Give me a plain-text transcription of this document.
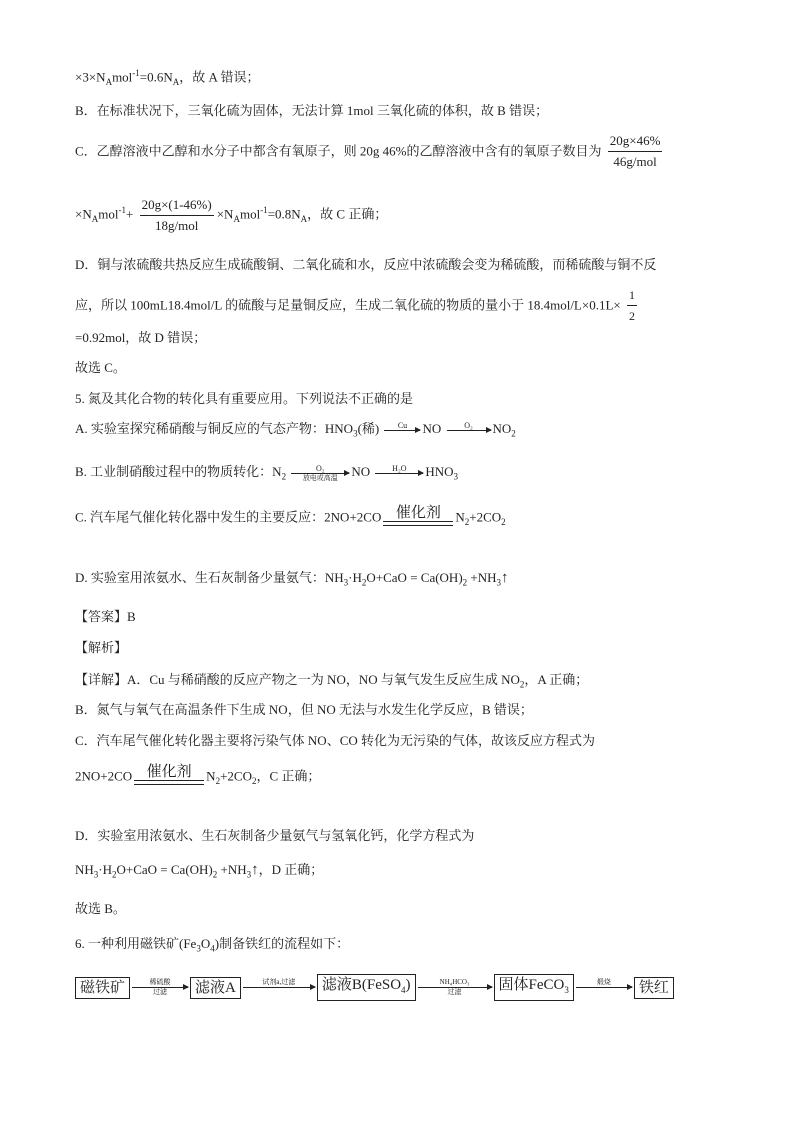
$\times 3\times N_Amol^{-1}=0.6N_A$，故 A 错误；
B．在标准状况下，三氧化硫为固体，无法计算 1mol 三氧化硫的体积，故 B 错误；
C．乙醇溶液中乙醇和水分子中都含有氧原子，则 20g 46%的乙醇溶液中含有的氧原子数目为 $\frac{20g\times 46\%}{\text{46g/mol}}$
$\times N_Amol^{-1}+ \frac{20g\times(1-46\%)}{\text{18g/mol}} \times N_Amol^{-1}=0.8N_A$，故 C 正确；
D．铜与浓硫酸共热反应生成硫酸铜、二氧化硫和水，反应中浓硫酸会变为稀硫酸，而稀硫酸与铜不反
应，所以 100mL18.4mol/L 的硫酸与足量铜反应，生成二氧化硫的物质的量小于 $18.4mol/L\times 0.1L\times \frac{1}{2}$
=0.92mol，故 D 错误；
故选 C。
5. 氮及其化合物的转化具有重要应用。下列说法不正确的是
A. 实验室探究稀硝酸与铜反应的气态产物：$HNO_3$(稀)	Cu	NO	O₂	$NO_2$
B. 工业制硝酸过程中的物质转化：$N_2$
O₂
放电或高温	NO	H₂O	$HNO_3$
C. 汽车尾气催化转化器中发生的主要反应：2NO+2CO 催化剂	$N_2+2CO_2$
D. 实验室用浓氨水、生石灰制备少量氨气：$NH_3\cdot H_2O+CaO = Ca(OH)_2$ $+NH_3↑$
【答案】B
【解析】
【详解】A．Cu 与稀硝酸的反应产物之一为 NO，NO 与氧气发生反应生成 $NO_2$，A 正确；
B．氮气与氧气在高温条件下生成 NO，但 NO 无法与水发生化学反应，B 错误；
C．汽车尾气催化转化器主要将污染气体 NO、CO 转化为无污染的气体，故该反应方程式为
2NO+2CO 催化剂	$N_2+2CO_2$，C 正确；
D．实验室用浓氨水、生石灰制备少量氨气与氢氧化钙，化学方程式为
$NH_3\cdot H_2O+CaO = Ca(OH)_2$ $+NH_3↑$，D 正确；
故选 B。
6. 一种利用磁铁矿$(Fe_3O_4)$制备铁红的流程如下：
磁铁矿	稀硫酸
过滤	滤液A	试剂a,过滤	滤液B(FeSO$_4$)	NH₄HCO₃
过滤	固体FeCO$_3$
煅烧	铁红
